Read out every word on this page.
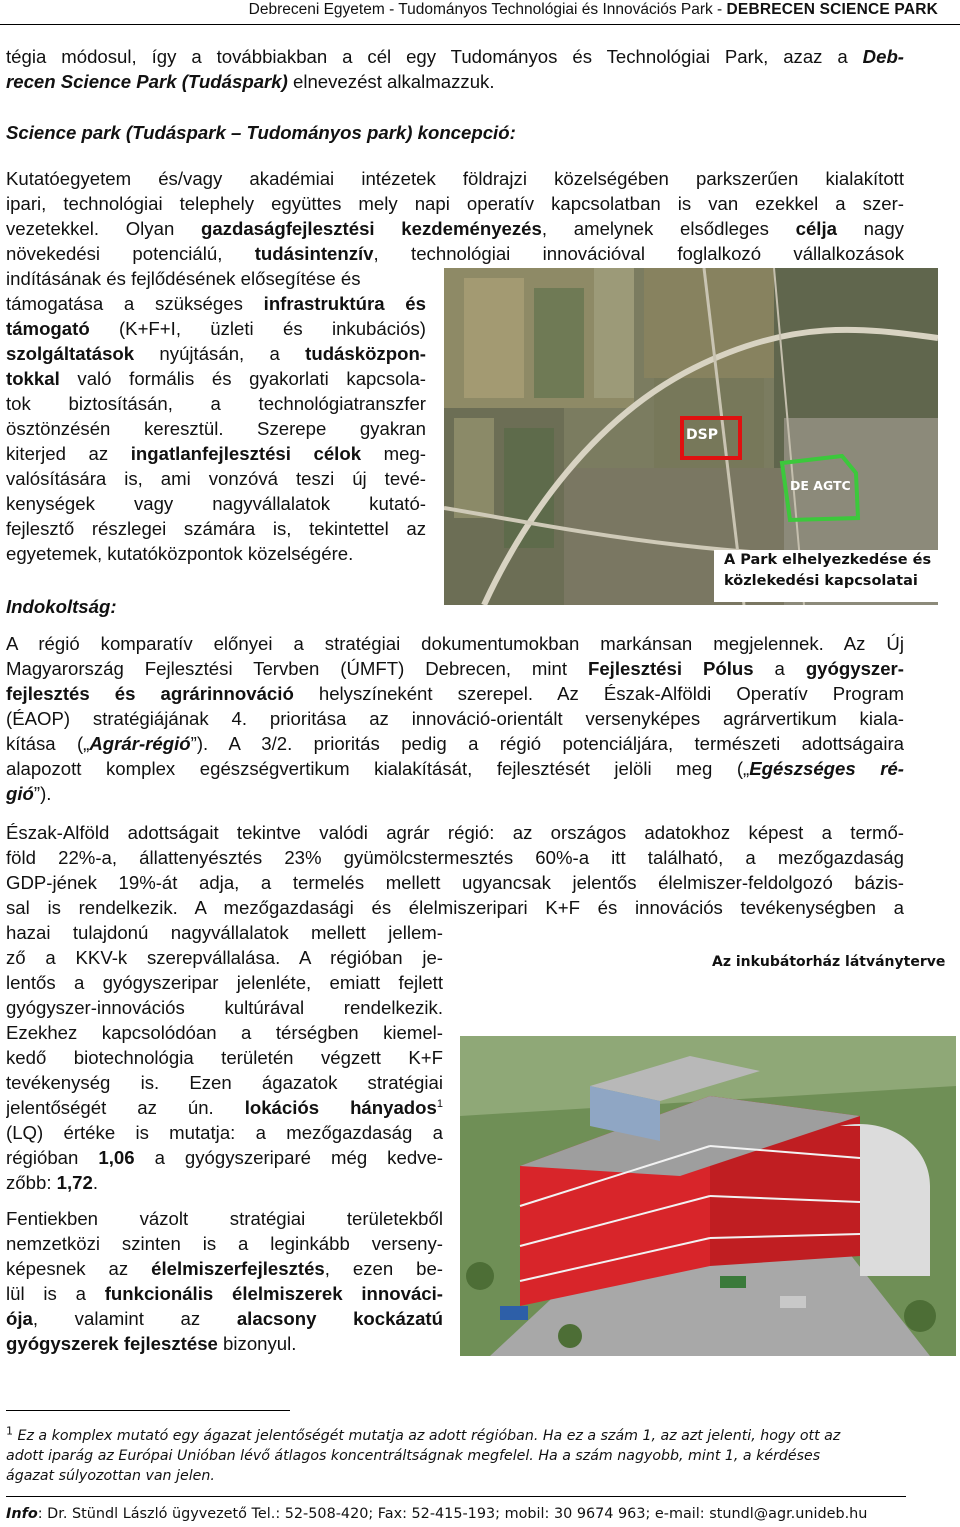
Debreceni Egyetem - Tudományos Technológiai és Innovációs Park - DEBRECEN SCIENCE PARK
tégia módosul, így a továbbiakban a cél egy Tudományos és Technológiai Park, azaz a Deb-
recen Science Park (Tudáspark) elnevezést alkalmazzuk.
Science park (Tudáspark – Tudományos park) koncepció:
Kutatóegyetem és/vagy akadémiai intézetek földrajzi közelségében parkszerűen kialakított
ipari, technológiai telephely együttes mely napi operatív kapcsolatban is van ezekkel a szer-
vezetekkel. Olyan gazdaságfejlesztési kezdeményezés, amelynek elsődleges célja nagy
növekedési potenciálú, tudásintenzív, technológiai innovációval foglalkozó vállalkozások
indításának és fejlődésének elősegítése és
támogatása a szükséges infrastruktúra és
támogató (K+F+I, üzleti és inkubációs)
szolgáltatások nyújtásán, a tudásközpon-
tokkal való formális és gyakorlati kapcsola-
tok biztosításán, a technológiatranszfer
ösztönzésén keresztül. Szerepe gyakran
kiterjed az ingatlanfejlesztési célok meg-
valósítására is, ami vonzóvá teszi új tevé-
kenységek vagy nagyvállalatok kutató-
fejlesztő részlegei számára is, tekintettel az
egyetemek, kutatóközpontok közelségére.
DSP
DE AGTC
A Park elhelyezkedése és
közlekedési kapcsolatai
Indokoltság:
A régió komparatív előnyei a stratégiai dokumentumokban markánsan megjelennek. Az Új
Magyarország Fejlesztési Tervben (ÚMFT) Debrecen, mint Fejlesztési Pólus a gyógyszer-
fejlesztés és agrárinnováció helyszíneként szerepel. Az Észak-Alföldi Operatív Program
(ÉAOP) stratégiájának 4. prioritása az innováció-orientált versenyképes agrárvertikum kiala-
kítása („Agrár-régió”). A 3/2. prioritás pedig a régió potenciáljára, természeti adottságaira
alapozott komplex egészségvertikum kialakítását, fejlesztését jelöli meg („Egészséges ré-
gió”).
Észak-Alföld adottságait tekintve valódi agrár régió: az országos adatokhoz képest a termő-
föld 22%-a, állattenyésztés 23% gyümölcstermesztés 60%-a itt található, a mezőgazdaság
GDP-jének 19%-át adja, a termelés mellett ugyancsak jelentős élelmiszer-feldolgozó bázis-
sal is rendelkezik. A mezőgazdasági és élelmiszeripari K+F és innovációs tevékenységben a
hazai tulajdonú nagyvállalatok mellett jellem-
ző a KKV-k szerepvállalása. A régióban je-
lentős a gyógyszeripar jelenléte, emiatt fejlett
gyógyszer-innovációs kultúrával rendelkezik.
Ezekhez kapcsolódóan a térségben kiemel-
kedő biotechnológia területén végzett K+F
tevékenység is. Ezen ágazatok stratégiai
jelentőségét az ún. lokációs hányados$^1$
(LQ) értéke is mutatja: a mezőgazdaság a
régióban 1,06 a gyógyszeriparé még kedve-
zőbb: 1,72.
Az inkubátorház látványterve
Fentiekben vázolt stratégiai területekből
nemzetközi szinten is a leginkább verseny-
képesnek az élelmiszerfejlesztés, ezen be-
lül is a funkcionális élelmiszerek innováci-
ója, valamint az alacsony kockázatú
gyógyszerek fejlesztése bizonyul.
$^1$ Ez a komplex mutató egy ágazat jelentőségét mutatja az adott régióban. Ha ez a szám 1, az azt jelenti, hogy ott az
adott iparág az Európai Unióban lévő átlagos koncentráltságnak megfelel. Ha a szám nagyobb, mint 1, a kérdéses
ágazat súlyozottan van jelen.
Info: Dr. Stündl László ügyvezető Tel.: 52-508-420; Fax: 52-415-193; mobil: 30 9674 963; e-mail: stundl@agr.unideb.hu
